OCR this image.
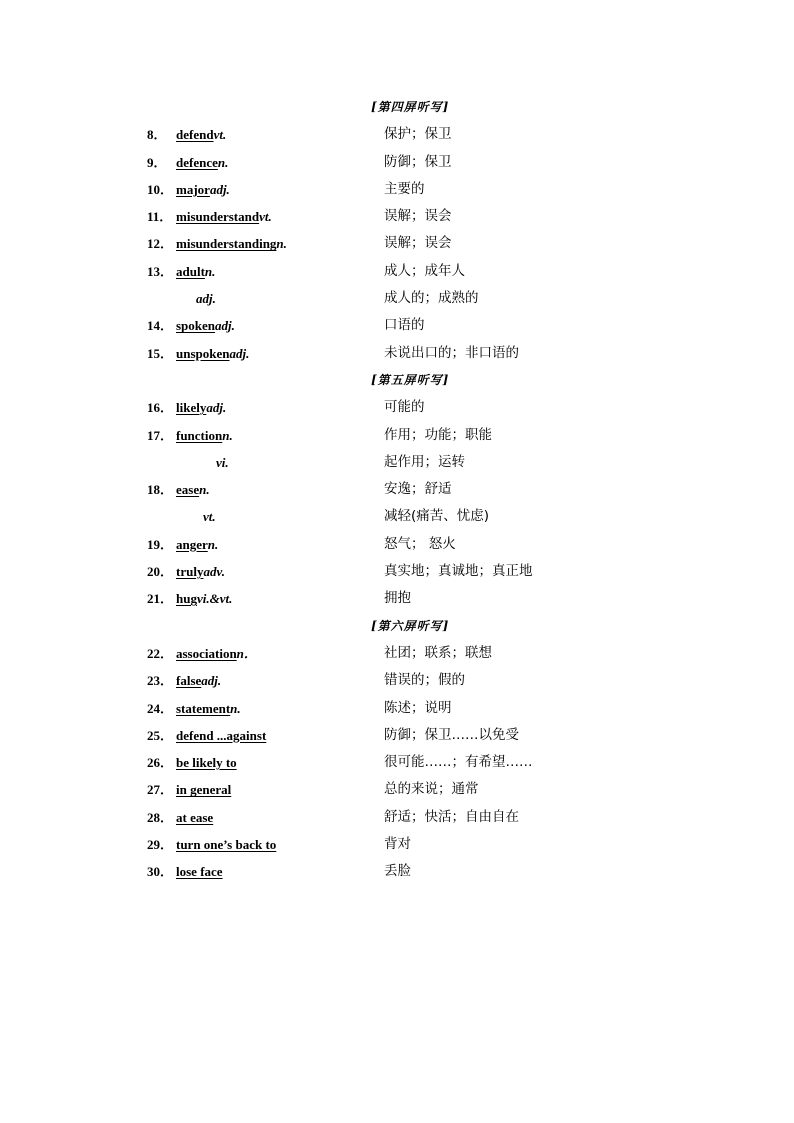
[第四屏听写]
8． defendvt.	保护；保卫
9． defencen.	防御；保卫
10． majoradj.	主要的
11． misunderstandvt.	误解；误会
12． misunderstandingn.	误解；误会
13． adultn.	成人；成年人
adj.	成人的；成熟的
14． spokenadj.	口语的
15． unspokenadj.	未说出口的；非口语的
[第五屏听写]
16． likelyadj.	可能的
17． functionn.	作用；功能；职能
vi.	起作用；运转
18． easen.	安逸；舒适
vt.	减轻(痛苦、忧虑)
19． angern.	怒气； 怒火
20． trulyadv.	真实地；真诚地；真正地
21． hugvi.&vt.	拥抱
[第六屏听写]
22． associationn．	社团；联系；联想
23． falseadj.	错误的；假的
24． statementn.	陈述；说明
25． defend ...against	防御；保卫……以免受
26． be likely to	很可能……；有希望……
27． in general	总的来说；通常
28． at ease	舒适；快活；自由自在
29． turn one’s back to	背对
30． lose face	丢脸
